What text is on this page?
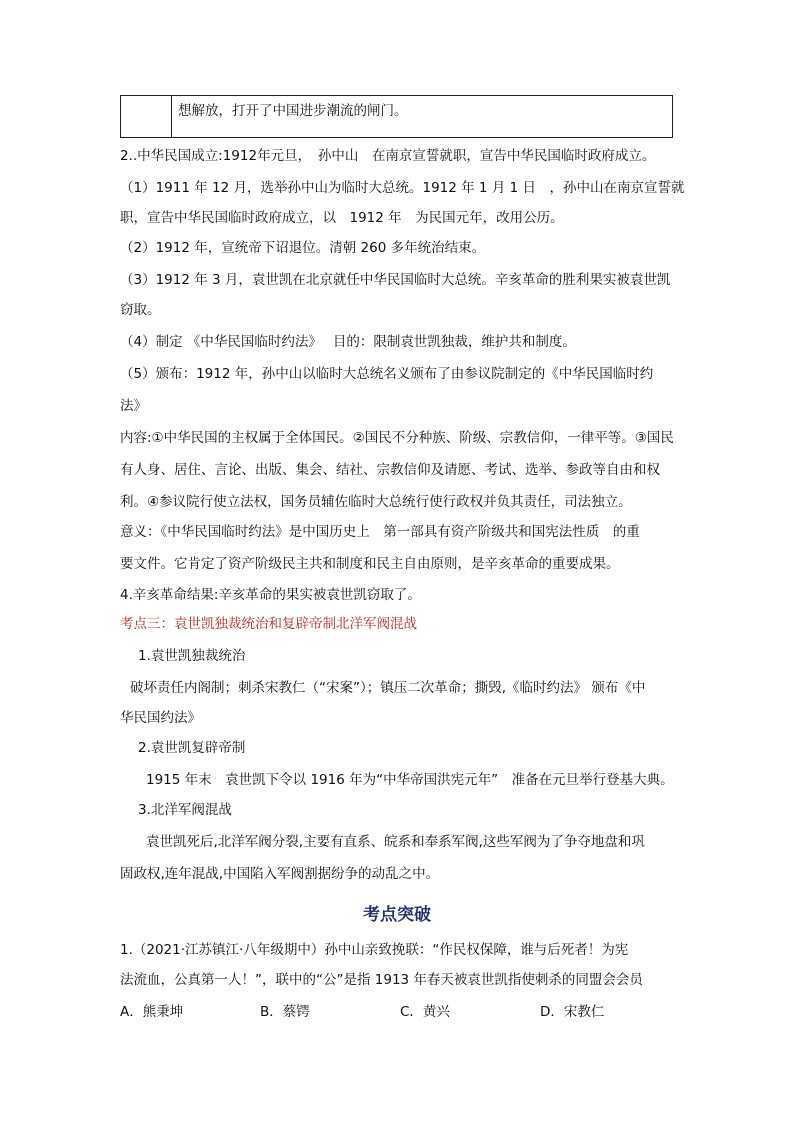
想解放，打开了中国进步潮流的闸门。
2..中华民国成立:1912年元旦，　孙中山　在南京宣誓就职，宣告中华民国临时政府成立。
（1）1911 年 12 月，选举孙中山为临时大总统。1912 年 1 月 1 日　，孙中山在南京宣誓就
职，宣告中华民国临时政府成立，以　1912 年　为民国元年，改用公历。
（2）1912 年，宣统帝下诏退位。清朝 260 多年统治结束。
（3）1912 年 3 月，袁世凯在北京就任中华民国临时大总统。辛亥革命的胜利果实被袁世凯
窃取。
（4）制定 《中华民国临时约法》　 目的：限制袁世凯独裁，维护共和制度。
（5）颁布：1912 年，孙中山以临时大总统名义颁布了由参议院制定的《中华民国临时约
法》
内容:①中华民国的主权属于全体国民。②国民不分种族、阶级、宗教信仰，一律平等。③国民
有人身、居住、言论、出版、集会、结社、宗教信仰及请愿、考试、选举、参政等自由和权
利。④参议院行使立法权，国务员辅佐临时大总统行使行政权并负其责任，司法独立。
意义：《中华民国临时约法》是中国历史上　第一部具有资产阶级共和国宪法性质　的重
要文件。它肯定了资产阶级民主共和制度和民主自由原则，是辛亥革命的重要成果。
4.辛亥革命结果:辛亥革命的果实被袁世凯窃取了。
考点三：袁世凯独裁统治和复辟帝制北洋军阀混战
1.袁世凯独裁统治
破坏责任内阁制；刺杀宋教仁（“宋案”）；镇压二次革命；撕毁,《临时约法》 颁布《中
华民国约法》
2.袁世凯复辟帝制
1915 年末　袁世凯下令以 1916 年为“中华帝国洪宪元年”　准备在元旦举行登基大典。
3.北洋军阀混战
袁世凯死后,北洋军阀分裂,主要有直系、皖系和奉系军阀,这些军阀为了争夺地盘和巩
固政权,连年混战,中国陷入军阀割据纷争的动乱之中。
考点突破
1.（2021·江苏镇江·八年级期中）孙中山亲致挽联：“作民权保障，谁与后死者！为宪
法流血，公真第一人！”，联中的“公”是指 1913 年春天被袁世凯指使刺杀的同盟会会员
A．熊秉坤	B．蔡锷	C．黄兴	D．宋教仁
